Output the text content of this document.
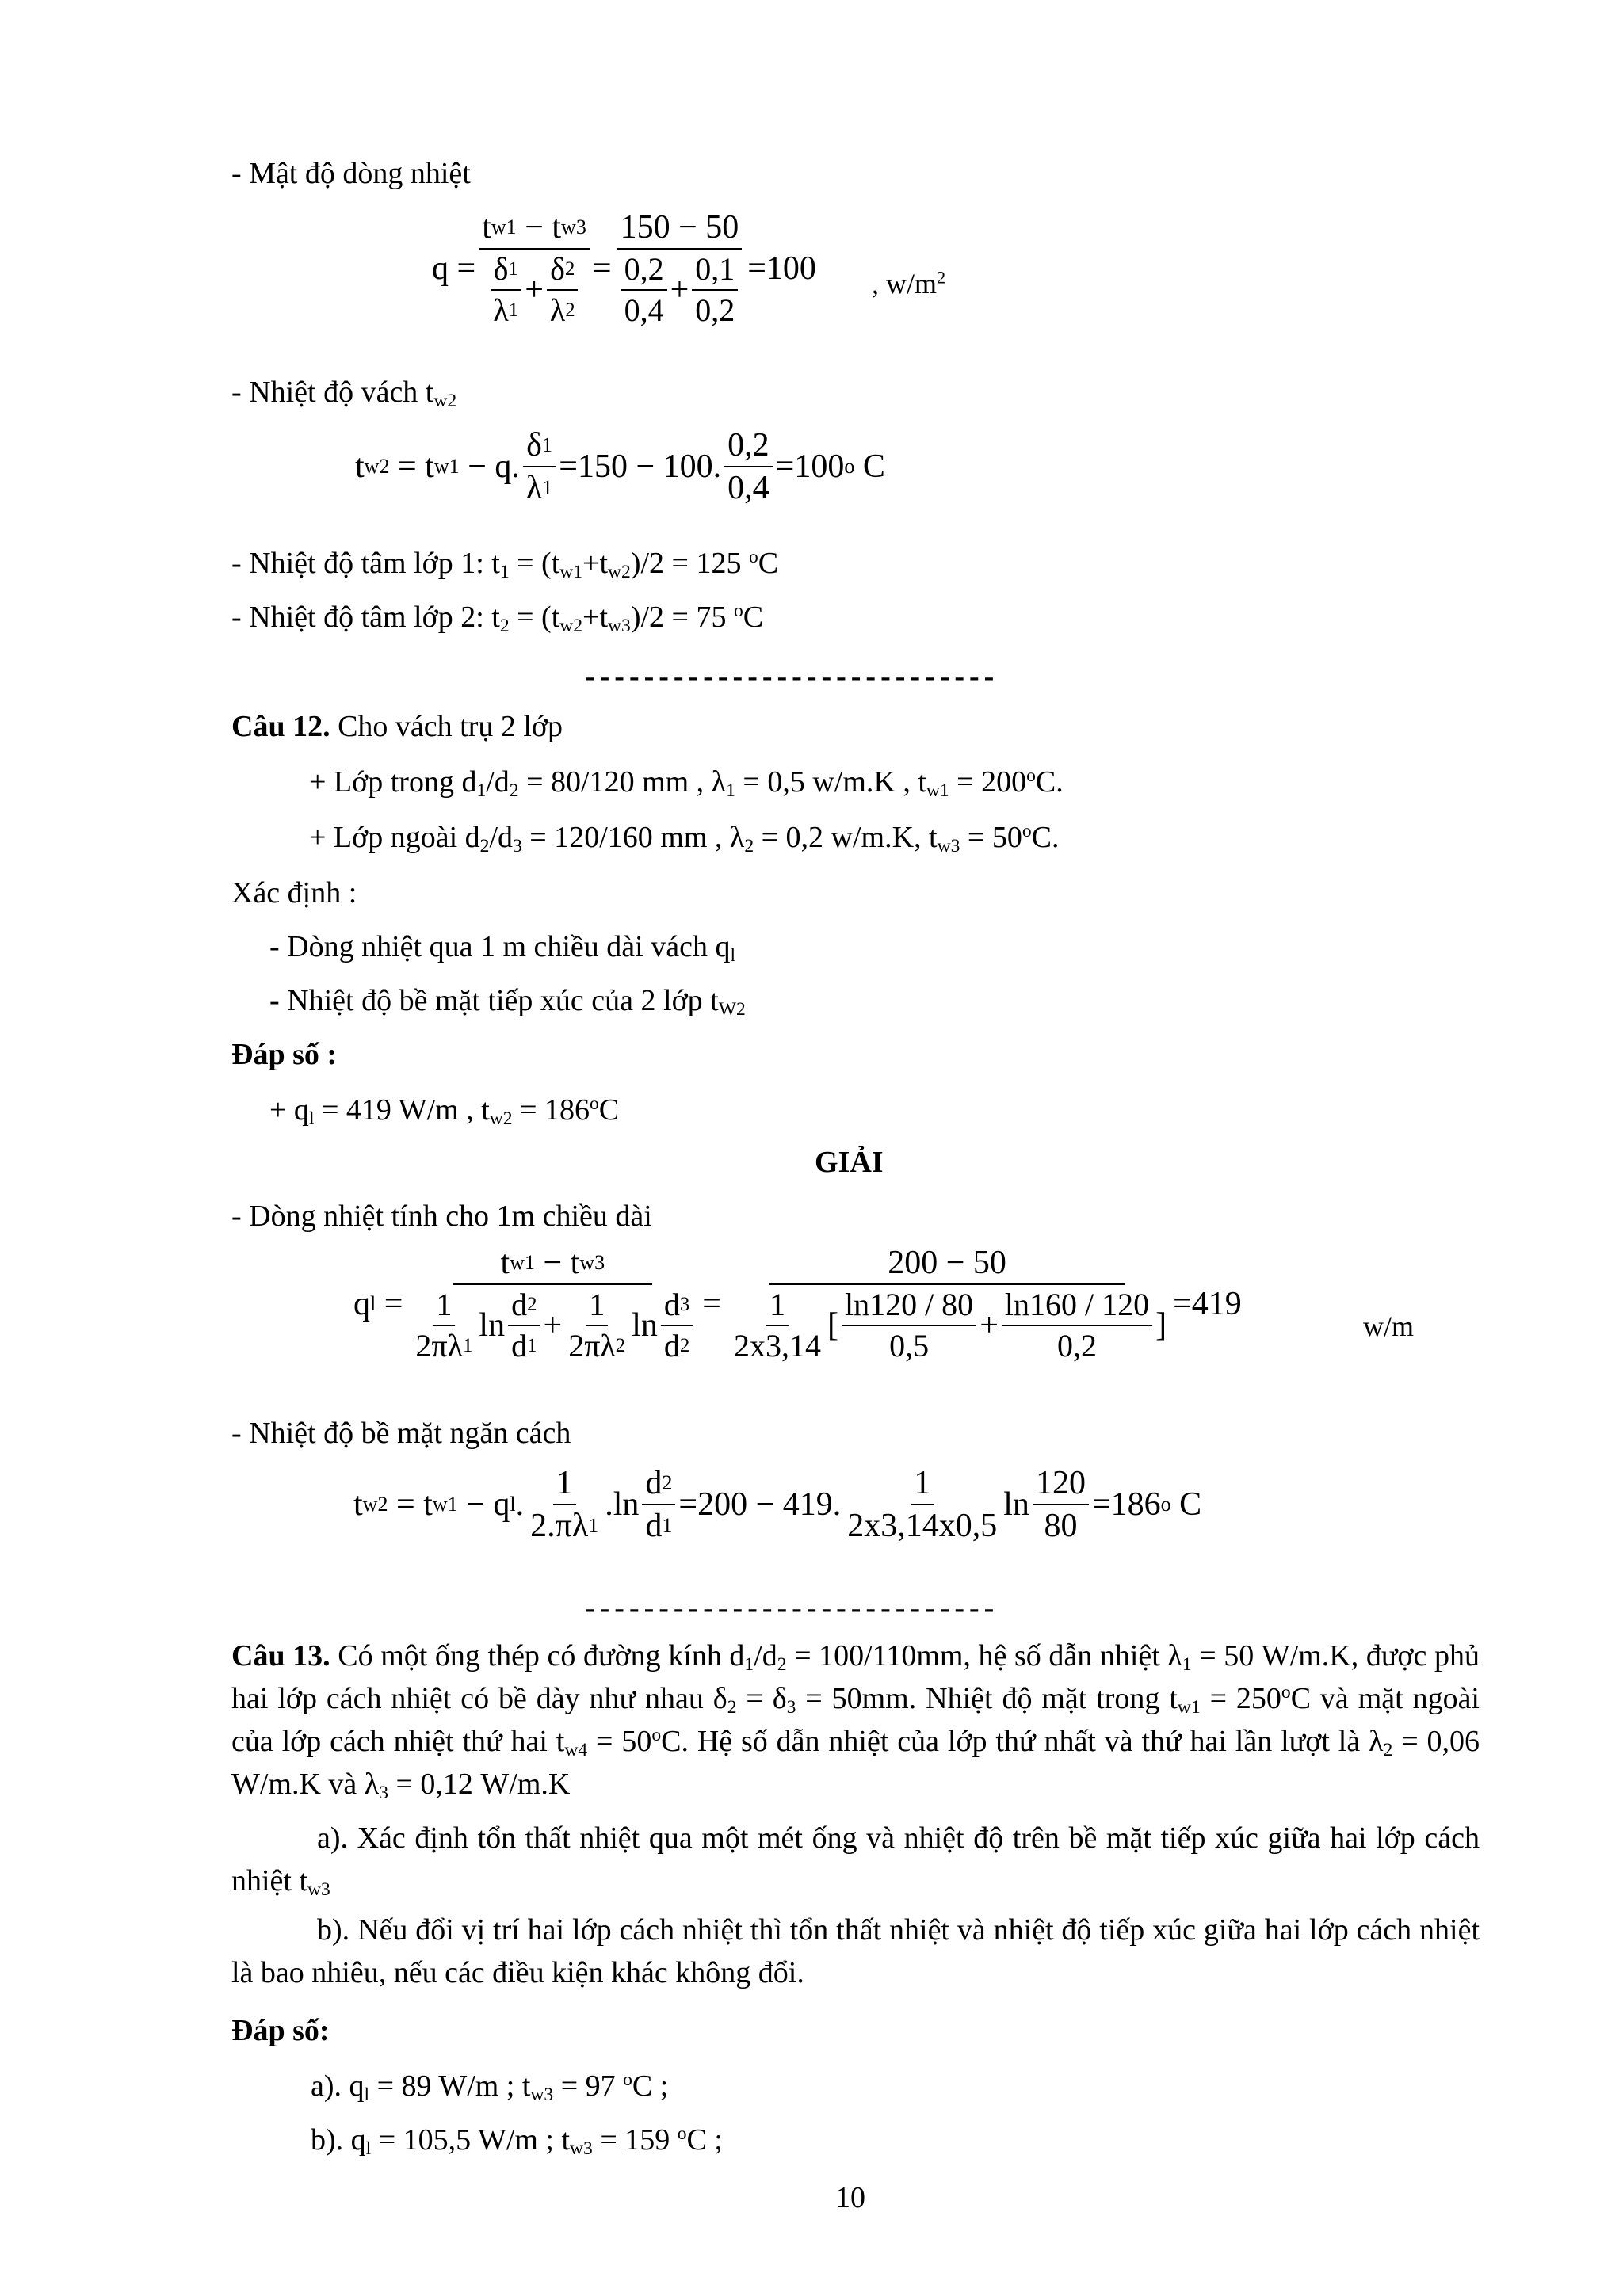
- Mật độ dòng nhiệt
q =
t w1 − t w3
δ 1
λ 1
+
δ 2
λ 2
=
150 − 50
0,2
0,4
+
0,1
0,2
=100 , $w/m^2$
- Nhiệt độ vách $t_{w2}$
t w2 = t w1 − q.
δ 1
λ 1
=150 − 100.
0,2
0,4
=100 o C
- Nhiệt độ tâm lớp 1: $t_1 = (t_{w1}+t_{w2})/2 = 125$ $^o$C
- Nhiệt độ tâm lớp 2: $t_2 = (t_{w2}+t_{w3})/2 = 75$ $^o$C
----------------------------
Câu 12. Cho vách trụ 2 lớp
+ Lớp trong $d_1/d_2 = 80/120$ mm , $\lambda_1 = 0,5$ w/m.K , $t_{w1} = 200^oC$.
+ Lớp ngoài $d_2/d_3 = 120/160$ mm , $\lambda_2 = 0,2$ w/m.K, $t_{w3} = 50^oC$.
Xác định :
- Dòng nhiệt qua 1 m chiều dài vách $q_l$
- Nhiệt độ bề mặt tiếp xúc của 2 lớp $t_{W2}$
Đáp số :
+ $q_l = 419$ W/m , $t_{w2} = 186^oC$
GIẢI
- Dòng nhiệt tính cho 1m chiều dài
q l =
t w1 − t w3
1
2πλ 1
ln
d 2
d 1
+
1
2πλ 2
ln
d 3
d 2
=
200 − 50
1
2x3,14
[
ln120 / 80
0,5
+
ln160 / 120
0,2
]
=419
w/m
- Nhiệt độ bề mặt ngăn cách
t w2 = t w1 − q l .
1
2.πλ 1
.ln
d 2
d 1
=200 − 419.
1
2x3,14x0,5
ln
120
80
=186 o C
----------------------------
Câu 13. Có một ống thép có đường kính $d_1/d_2 = 100/110mm$, hệ số dẫn nhiệt $\lambda_1 = 50$ W/m.K, được phủ hai lớp cách nhiệt có bề dày như nhau $\delta_2 = \delta_3 = 50mm$. Nhiệt độ mặt trong $t_{w1} = 250^oC$ và mặt ngoài của lớp cách nhiệt thứ hai $t_{w4} = 50^oC$. Hệ số dẫn nhiệt của lớp thứ nhất và thứ hai lần lượt là $\lambda_2 = 0,06$ W/m.K và $\lambda_3 = 0,12$ W/m.K
a). Xác định tổn thất nhiệt qua một mét ống và nhiệt độ trên bề mặt tiếp xúc giữa hai lớp cách nhiệt $t_{w3}$
b). Nếu đổi vị trí hai lớp cách nhiệt thì tổn thất nhiệt và nhiệt độ tiếp xúc giữa hai lớp cách nhiệt là bao nhiêu, nếu các điều kiện khác không đổi.
Đáp số:
a). $q_l = 89$ W/m ; $t_{w3} = 97$ $^o$C ;
b). $q_l = 105,5$ W/m ; $t_{w3} = 159$ $^o$C ;
10
